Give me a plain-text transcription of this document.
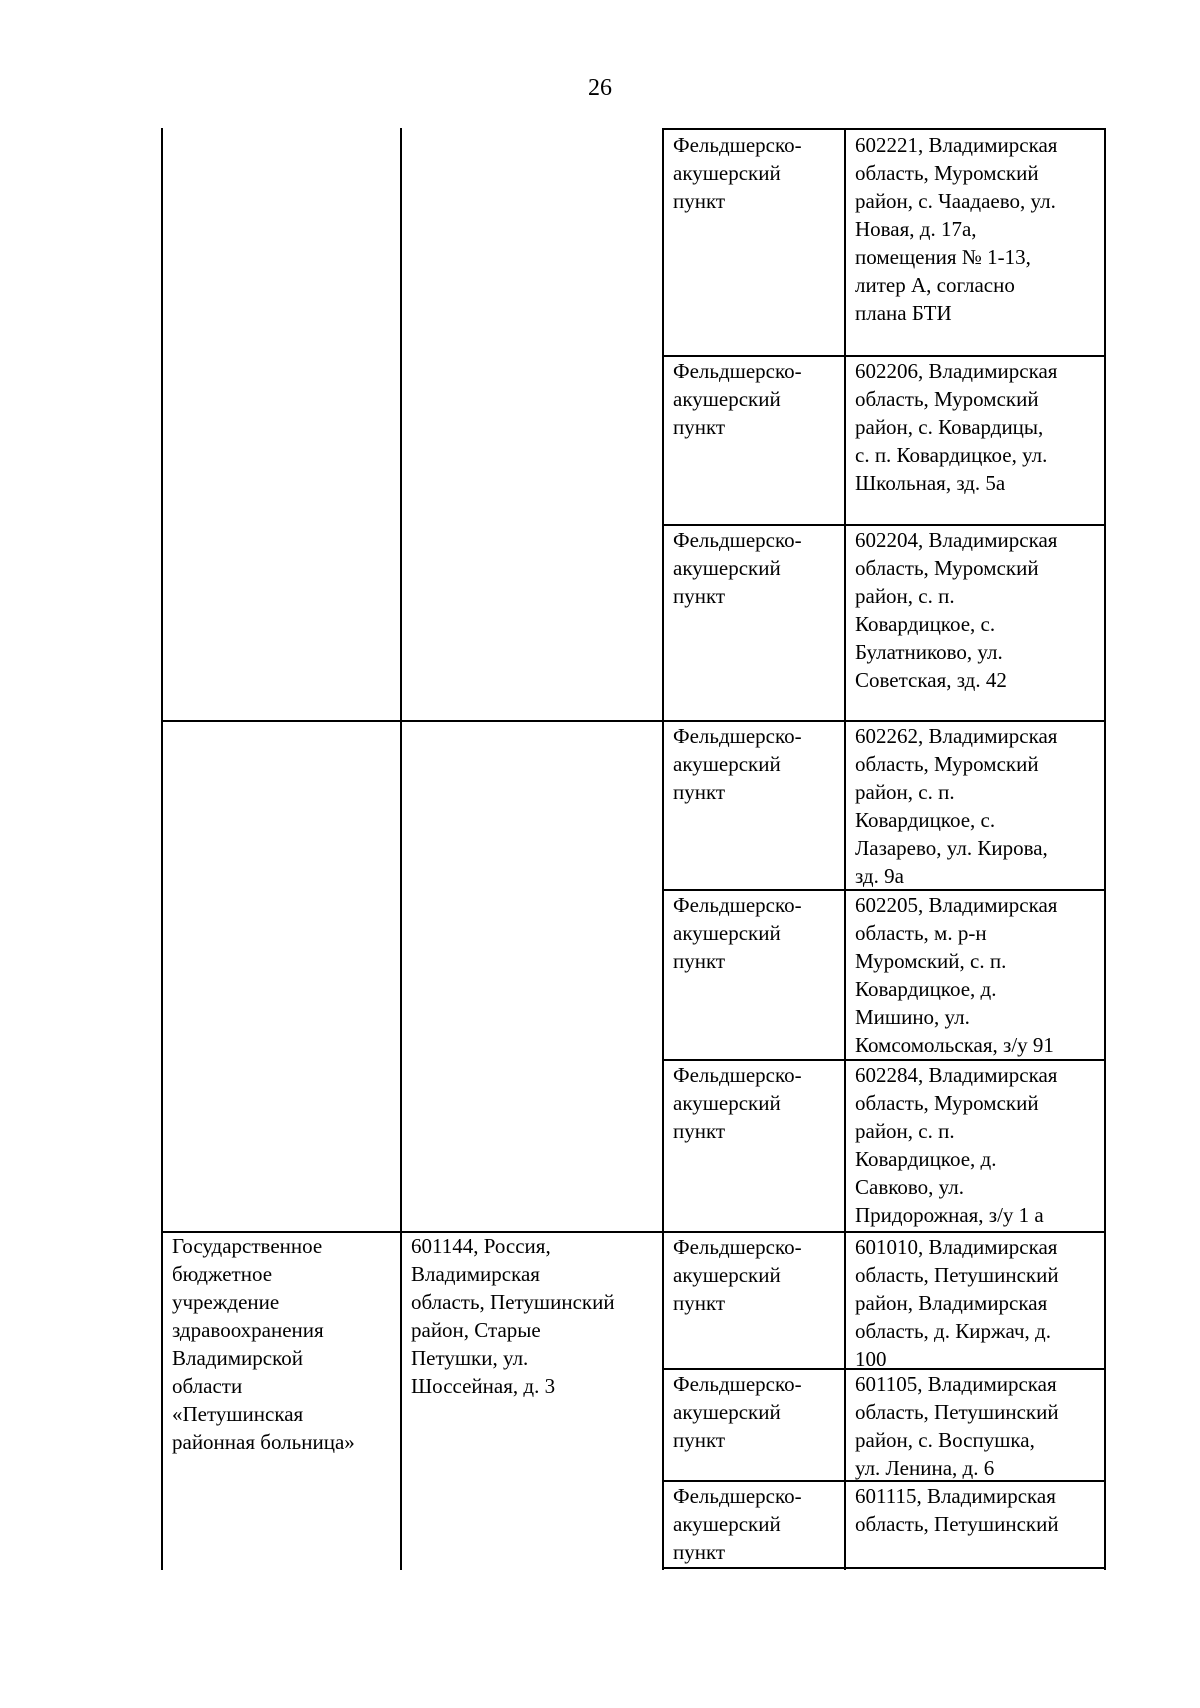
26
Государственное
бюджетное
учреждение
здравоохранения
Владимирской
области
«Петушинская
районная больница»
601144, Россия,
Владимирская
область, Петушинский
район, Старые
Петушки, ул.
Шоссейная, д. 3
Фельдшерско-
акушерский
пункт
602221, Владимирская
область, Муромский
район, с. Чаадаево, ул.
Новая, д. 17а,
помещения № 1-13,
литер А, согласно
плана БТИ
Фельдшерско-
акушерский
пункт
602206, Владимирская
область, Муромский
район, с. Ковардицы,
с. п. Ковардицкое, ул.
Школьная, зд. 5а
Фельдшерско-
акушерский
пункт
602204, Владимирская
область, Муромский
район, с. п.
Ковардицкое, с.
Булатниково, ул.
Советская, зд. 42
Фельдшерско-
акушерский
пункт
602262, Владимирская
область, Муромский
район, с. п.
Ковардицкое, с.
Лазарево, ул. Кирова,
зд. 9а
Фельдшерско-
акушерский
пункт
602205, Владимирская
область, м. р-н
Муромский, с. п.
Ковардицкое, д.
Мишино, ул.
Комсомольская, з/у 91
Фельдшерско-
акушерский
пункт
602284, Владимирская
область, Муромский
район, с. п.
Ковардицкое, д.
Савково, ул.
Придорожная, з/у 1 а
Фельдшерско-
акушерский
пункт
601010, Владимирская
область, Петушинский
район, Владимирская
область, д. Киржач, д.
100
Фельдшерско-
акушерский
пункт
601105, Владимирская
область, Петушинский
район, с. Воспушка,
ул. Ленина, д. 6
Фельдшерско-
акушерский
пункт
601115, Владимирская
область, Петушинский
